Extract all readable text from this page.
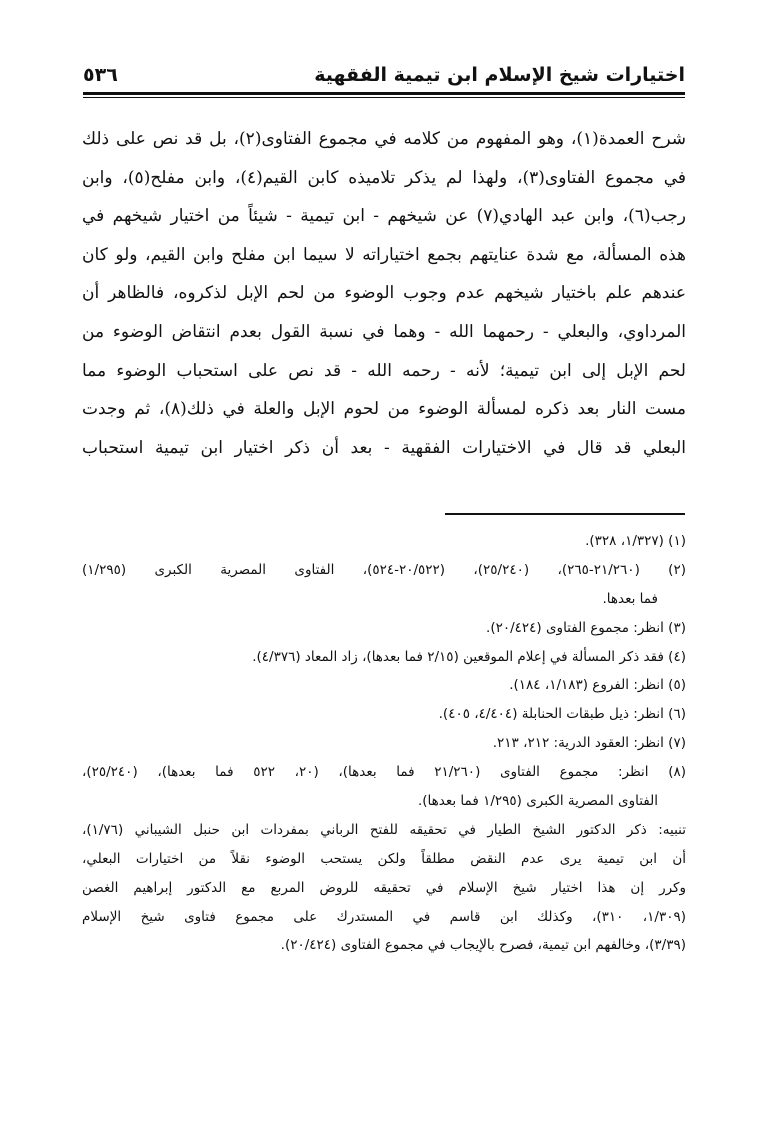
اختيارات شيخ الإسلام ابن تيمية الفقهية
٥٣٦
شرح العمدة(١)، وهو المفهوم من كلامه في مجموع الفتاوى(٢)، بل قد نص على ذلك
في مجموع الفتاوى(٣)، ولهذا لم يذكر تلاميذه كابن القيم(٤)، وابن مفلح(٥)، وابن
رجب(٦)، وابن عبد الهادي(٧) عن شيخهم - ابن تيمية - شيئاً من اختيار شيخهم في
هذه المسألة، مع شدة عنايتهم بجمع اختياراته لا سيما ابن مفلح وابن القيم، ولو كان
عندهم علم باختيار شيخهم عدم وجوب الوضوء من لحم الإبل لذكروه، فالظاهر أن
المرداوي، والبعلي - رحمهما الله - وهما في نسبة القول بعدم انتقاض الوضوء من
لحم الإبل إلى ابن تيمية؛ لأنه - رحمه الله - قد نص على استحباب الوضوء مما
مست النار بعد ذكره لمسألة الوضوء من لحوم الإبل والعلة في ذلك(٨)، ثم وجدت
البعلي قد قال في الاختيارات الفقهية - بعد أن ذكر اختيار ابن تيمية استحباب
(١) (١/٣٢٧، ٣٢٨).
(٢) (٢١/٢٦٠-٢٦٥)، (٢٥/٢٤٠)، (٢٠/٥٢٢-٥٢٤)، الفتاوى المصرية الكبرى (١/٢٩٥)
فما بعدها.
(٣) انظر: مجموع الفتاوى (٢٠/٤٢٤).
(٤) فقد ذكر المسألة في إعلام الموقعين (٢/١٥ فما بعدها)، زاد المعاد (٤/٣٧٦).
(٥) انظر: الفروع (١/١٨٣، ١٨٤).
(٦) انظر: ذيل طبقات الحنابلة (٤/٤٠٤، ٤٠٥).
(٧) انظر: العقود الدرية: ٢١٢، ٢١٣.
(٨) انظر: مجموع الفتاوى (٢١/٢٦٠ فما بعدها)، (٢٠، ٥٢٢ فما بعدها)، (٢٥/٢٤٠)،
الفتاوى المصرية الكبرى (١/٢٩٥ فما بعدها).
تنبيه: ذكر الدكتور الشيخ الطيار في تحقيقه للفتح الرباني بمفردات ابن حنبل الشيباني (١/٧٦)،
أن ابن تيمية يرى عدم النقض مطلقاً ولكن يستحب الوضوء نقلاً من اختيارات البعلي،
وكرر إن هذا اختيار شيخ الإسلام في تحقيقه للروض المربع مع الدكتور إبراهيم الغصن
(١/٣٠٩، ٣١٠)، وكذلك ابن قاسم في المستدرك على مجموع فتاوى شيخ الإسلام
(٣/٣٩)، وخالفهم ابن تيمية، فصرح بالإيجاب في مجموع الفتاوى (٢٠/٤٢٤).
